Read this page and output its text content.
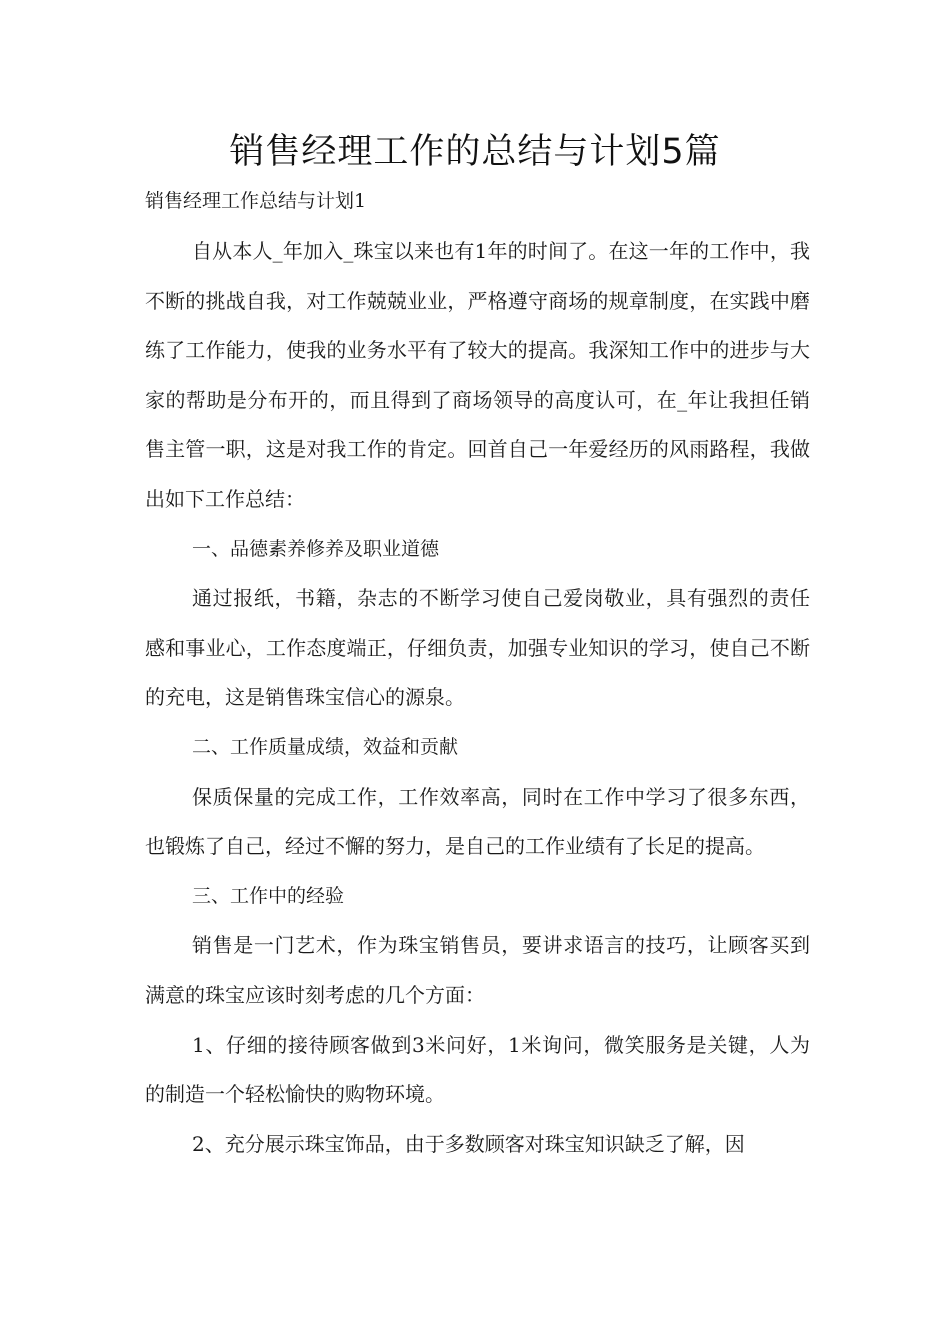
销售经理工作的总结与计划5篇

销售经理工作总结与计划1

自从本人_年加入_珠宝以来也有1年的时间了。在这一年的工作中，我不断的挑战自我，对工作兢兢业业，严格遵守商场的规章制度，在实践中磨练了工作能力，使我的业务水平有了较大的提高。我深知工作中的进步与大家的帮助是分布开的，而且得到了商场领导的高度认可，在_年让我担任销售主管一职，这是对我工作的肯定。回首自己一年爱经历的风雨路程，我做出如下工作总结：

一、品德素养修养及职业道德

通过报纸，书籍，杂志的不断学习使自己爱岗敬业，具有强烈的责任感和事业心，工作态度端正，仔细负责，加强专业知识的学习，使自己不断的充电，这是销售珠宝信心的源泉。

二、工作质量成绩，效益和贡献

保质保量的完成工作，工作效率高，同时在工作中学习了很多东西，也锻炼了自己，经过不懈的努力，是自己的工作业绩有了长足的提高。

三、工作中的经验

销售是一门艺术，作为珠宝销售员，要讲求语言的技巧，让顾客买到满意的珠宝应该时刻考虑的几个方面：

1、仔细的接待顾客做到3米问好，1米询问，微笑服务是关键，人为的制造一个轻松愉快的购物环境。

2、充分展示珠宝饰品，由于多数顾客对珠宝知识缺乏了解，因
